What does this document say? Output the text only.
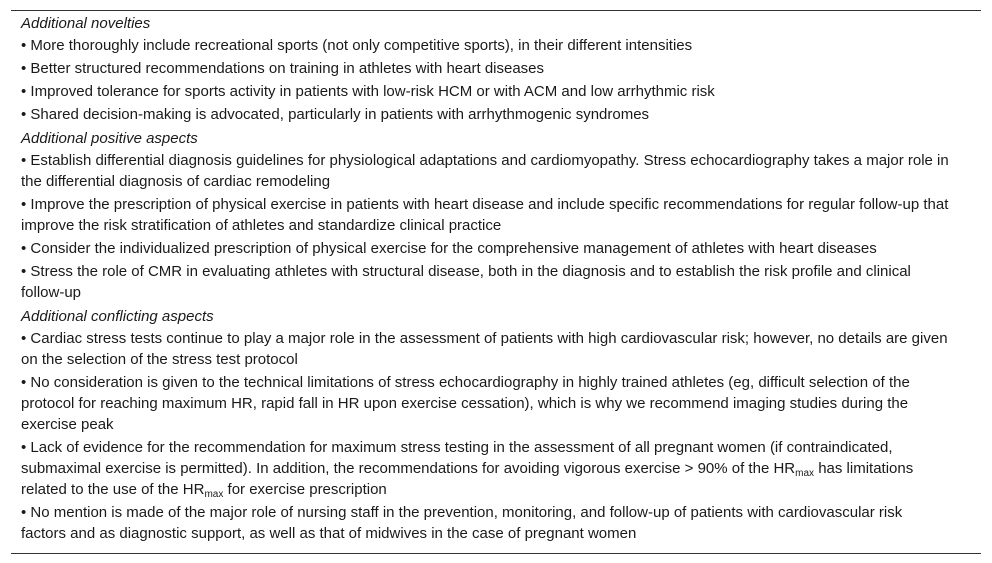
Additional novelties
• More thoroughly include recreational sports (not only competitive sports), in their different intensities
• Better structured recommendations on training in athletes with heart diseases
• Improved tolerance for sports activity in patients with low-risk HCM or with ACM and low arrhythmic risk
• Shared decision-making is advocated, particularly in patients with arrhythmogenic syndromes
Additional positive aspects
• Establish differential diagnosis guidelines for physiological adaptations and cardiomyopathy. Stress echocardiography takes a major role in the differential diagnosis of cardiac remodeling
• Improve the prescription of physical exercise in patients with heart disease and include specific recommendations for regular follow-up that improve the risk stratification of athletes and standardize clinical practice
• Consider the individualized prescription of physical exercise for the comprehensive management of athletes with heart diseases
• Stress the role of CMR in evaluating athletes with structural disease, both in the diagnosis and to establish the risk profile and clinical follow-up
Additional conflicting aspects
• Cardiac stress tests continue to play a major role in the assessment of patients with high cardiovascular risk; however, no details are given on the selection of the stress test protocol
• No consideration is given to the technical limitations of stress echocardiography in highly trained athletes (eg, difficult selection of the protocol for reaching maximum HR, rapid fall in HR upon exercise cessation), which is why we recommend imaging studies during the exercise peak
• Lack of evidence for the recommendation for maximum stress testing in the assessment of all pregnant women (if contraindicated, submaximal exercise is permitted). In addition, the recommendations for avoiding vigorous exercise > 90% of the $HR_{max}$ has limitations related to the use of the $HR_{max}$ for exercise prescription
• No mention is made of the major role of nursing staff in the prevention, monitoring, and follow-up of patients with cardiovascular risk factors and as diagnostic support, as well as that of midwives in the case of pregnant women
